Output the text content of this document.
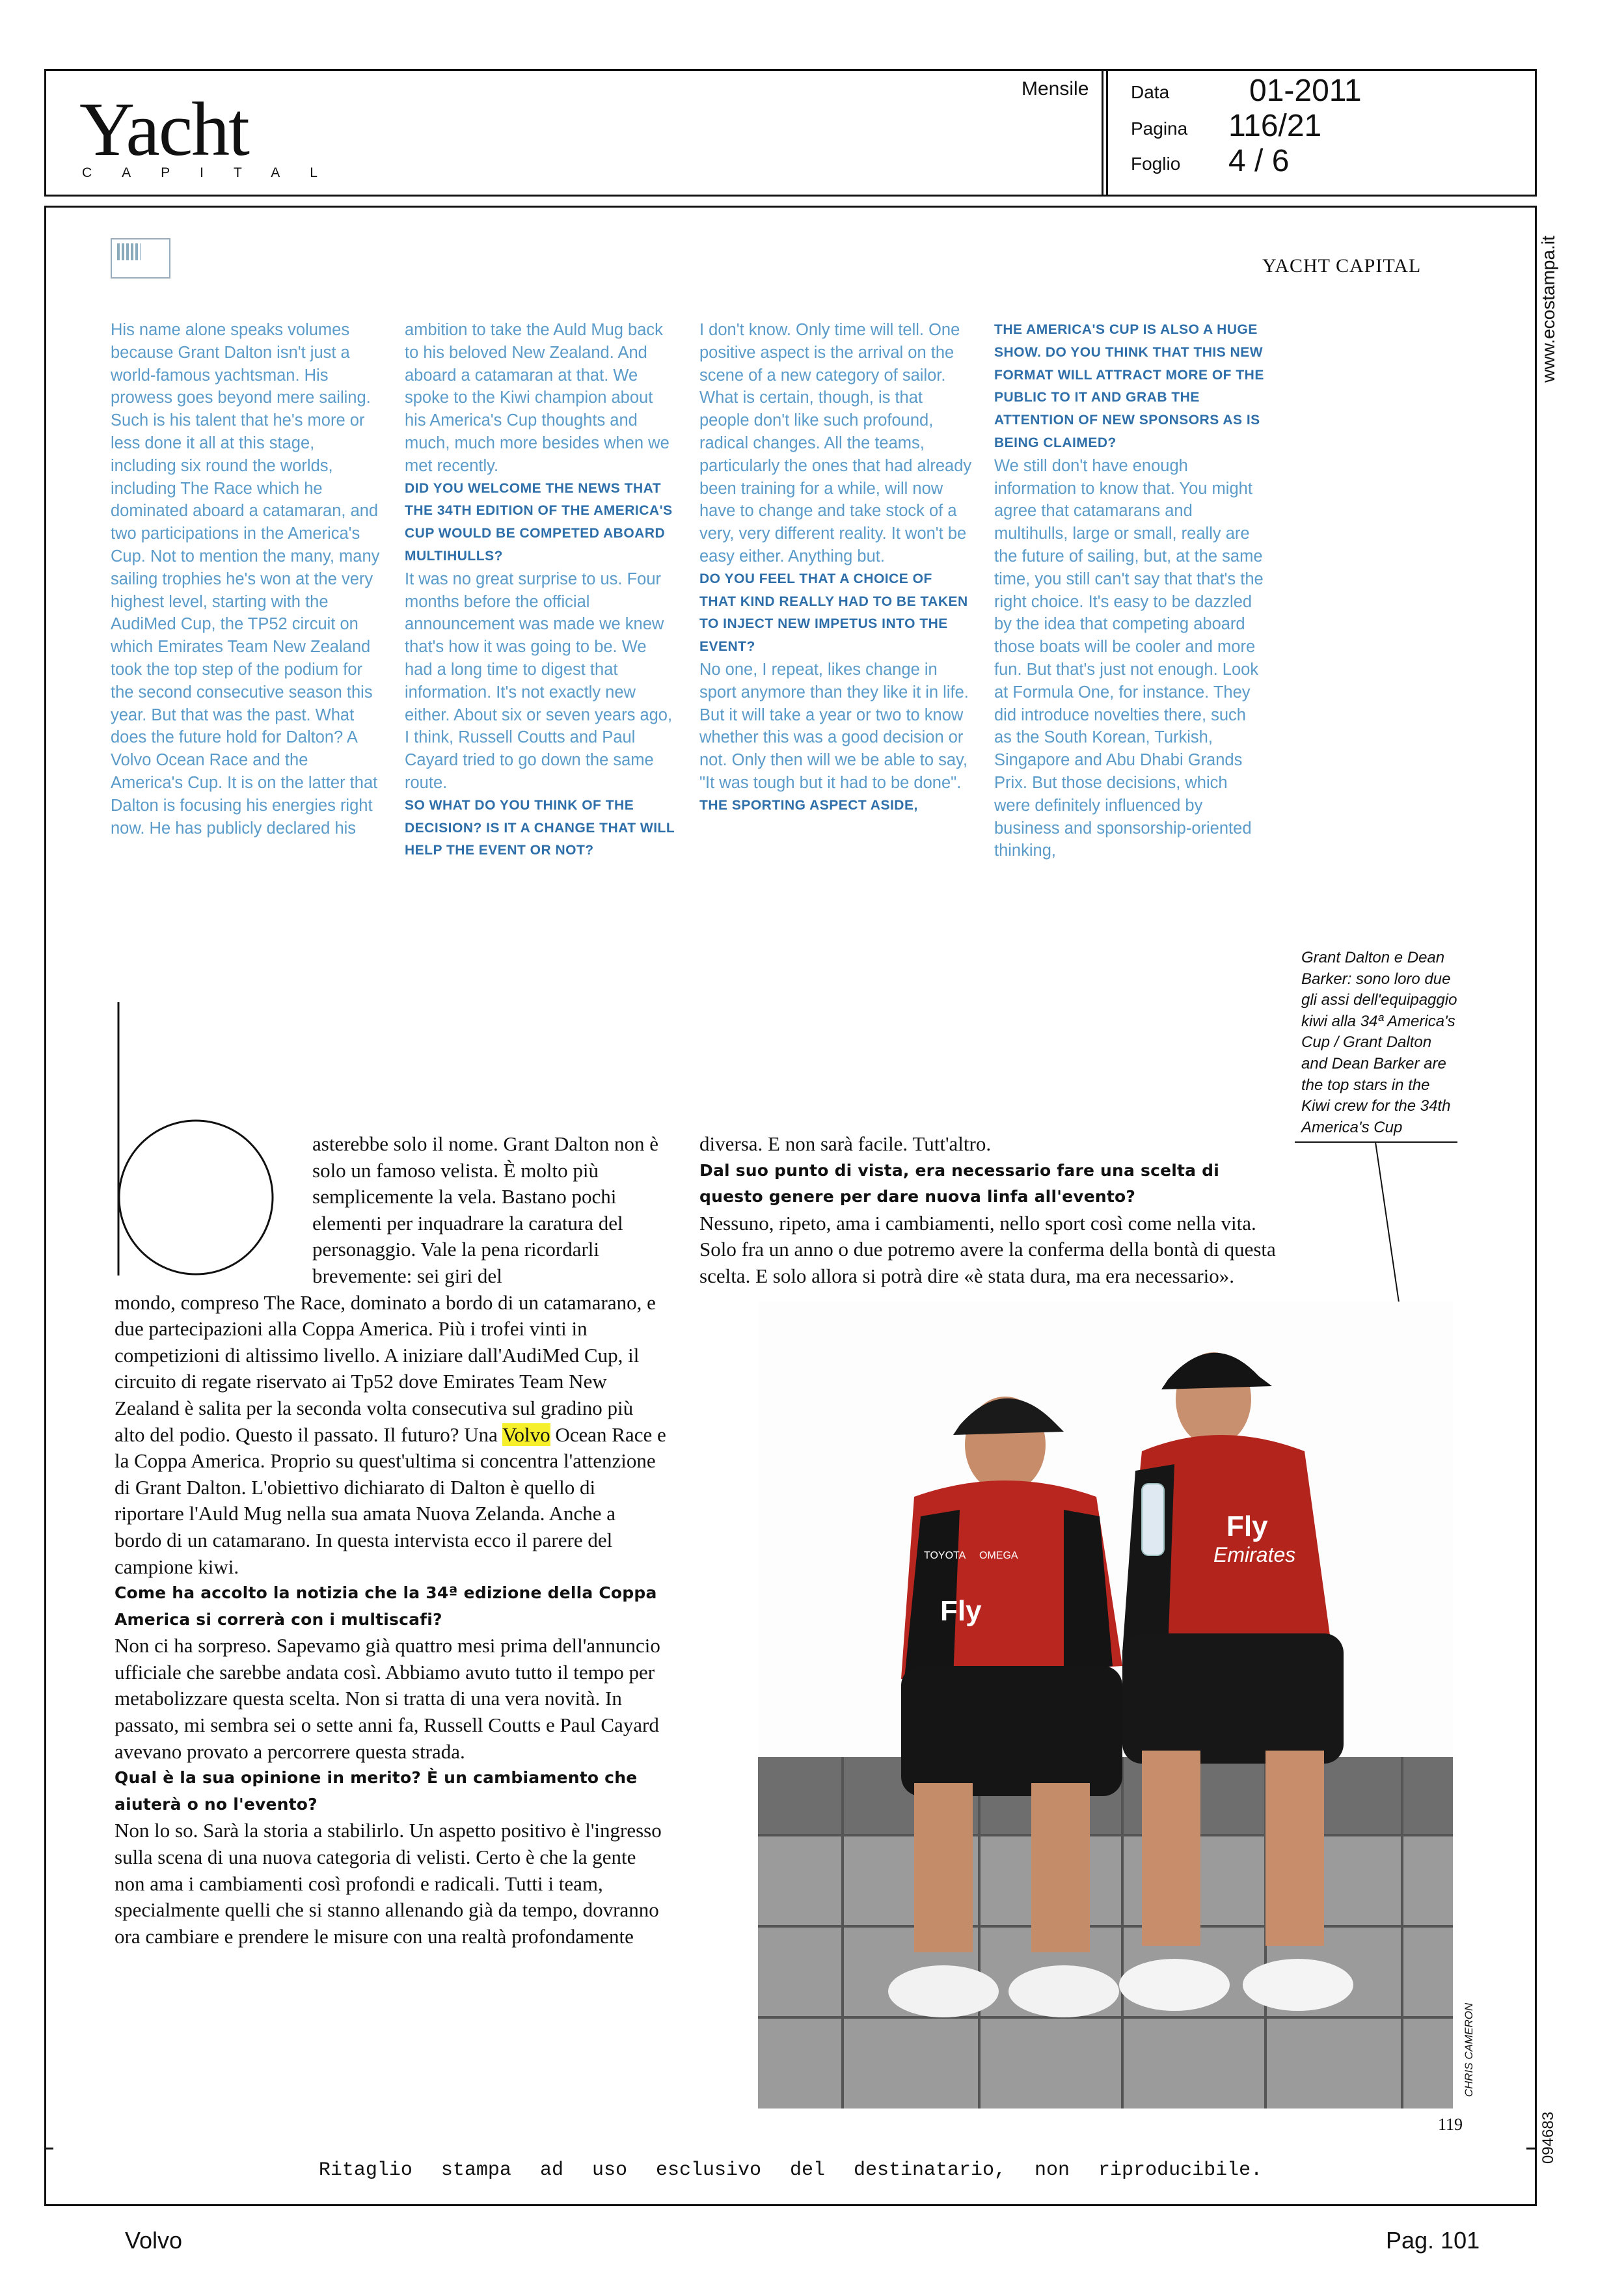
Yacht
CAPITAL
Mensile Data	01-2011
Pagina 116/21
Foglio 4 / 6
www.ecostampa.it
094683
YACHT CAPITAL

His name alone speaks volumes because Grant Dalton isn't just a world-famous yachtsman. His prowess goes beyond mere sailing. Such is his talent that he's more or less done it all at this stage, including six round the worlds, including The Race which he dominated aboard a catamaran, and two participations in the America's Cup. Not to mention the many, many sailing trophies he's won at the very highest level, starting with the AudiMed Cup, the TP52 circuit on which Emirates Team New Zealand took the top step of the podium for the second consecutive season this year. But that was the past. What does the future hold for Dalton? A Volvo Ocean Race and the America's Cup. It is on the latter that Dalton is focusing his energies right now. He has publicly declared his

ambition to take the Auld Mug back to his beloved New Zealand. And aboard a catamaran at that. We spoke to the Kiwi champion about his America's Cup thoughts and much, much more besides when we met recently.

DID YOU WELCOME THE NEWS THAT THE 34TH EDITION OF THE AMERICA'S CUP WOULD BE COMPETED ABOARD MULTIHULLS?

It was no great surprise to us. Four months before the official announcement was made we knew that's how it was going to be. We had a long time to digest that information. It's not exactly new either. About six or seven years ago, I think, Russell Coutts and Paul Cayard tried to go down the same route.

SO WHAT DO YOU THINK OF THE DECISION? IS IT A CHANGE THAT WILL HELP THE EVENT OR NOT?

I don't know. Only time will tell. One positive aspect is the arrival on the scene of a new category of sailor. What is certain, though, is that people don't like such profound, radical changes. All the teams, particularly the ones that had already been training for a while, will now have to change and take stock of a very, very different reality. It won't be easy either. Anything but.

DO YOU FEEL THAT A CHOICE OF THAT KIND REALLY HAD TO BE TAKEN TO INJECT NEW IMPETUS INTO THE EVENT?

No one, I repeat, likes change in sport anymore than they like it in life. But it will take a year or two to know whether this was a good decision or not. Only then will we be able to say, "It was tough but it had to be done".

THE SPORTING ASPECT ASIDE,

THE AMERICA'S CUP IS ALSO A HUGE SHOW. DO YOU THINK THAT THIS NEW FORMAT WILL ATTRACT MORE OF THE PUBLIC TO IT AND GRAB THE ATTENTION OF NEW SPONSORS AS IS BEING CLAIMED?

We still don't have enough information to know that. You might agree that catamarans and multihulls, large or small, really are the future of sailing, but, at the same time, you still can't say that that's the right choice. It's easy to be dazzled by the idea that competing aboard those boats will be cooler and more fun. But that's just not enough. Look at Formula One, for instance. They did introduce novelties there, such as the South Korean, Turkish, Singapore and Abu Dhabi Grands Prix. But those decisions, which were definitely influenced by business and sponsorship-oriented thinking,

asterebbe solo il nome. Grant Dalton non è solo un famoso velista. È molto più semplicemente la vela. Bastano pochi elementi per inquadrare la caratura del personaggio. Vale la pena ricordarli brevemente: sei giri del

mondo, compreso The Race, dominato a bordo di un catamarano, e due partecipazioni alla Coppa America. Più i trofei vinti in competizioni di altissimo livello. A iniziare dall'AudiMed Cup, il circuito di regate riservato ai Tp52 dove Emirates Team New Zealand è salita per la seconda volta consecutiva sul gradino più alto del podio. Questo il passato. Il futuro? Una Volvo Ocean Race e la Coppa America. Proprio su quest'ultima si concentra l'attenzione di Grant Dalton. L'obiettivo dichiarato di Dalton è quello di riportare l'Auld Mug nella sua amata Nuova Zelanda. Anche a bordo di un catamarano. In questa intervista ecco il parere del campione kiwi.

Come ha accolto la notizia che la 34ª edizione della Coppa America si correrà con i multiscafi?

Non ci ha sorpreso. Sapevamo già quattro mesi prima dell'annuncio ufficiale che sarebbe andata così. Abbiamo avuto tutto il tempo per metabolizzare questa scelta. Non si tratta di una vera novità. In passato, mi sembra sei o sette anni fa, Russell Coutts e Paul Cayard avevano provato a percorrere questa strada.

Qual è la sua opinione in merito? È un cambiamento che aiuterà o no l'evento?

Non lo so. Sarà la storia a stabilirlo. Un aspetto positivo è l'ingresso sulla scena di una nuova categoria di velisti. Certo è che la gente non ama i cambiamenti così profondi e radicali. Tutti i team, specialmente quelli che si stanno allenando già da tempo, dovranno ora cambiare e prendere le misure con una realtà profondamente

diversa. E non sarà facile. Tutt'altro.

Dal suo punto di vista, era necessario fare una scelta di questo genere per dare nuova linfa all'evento?

Nessuno, ripeto, ama i cambiamenti, nello sport così come nella vita. Solo fra un anno o due potremo avere la conferma della bontà di questa scelta. E solo allora si potrà dire «è stata dura, ma era necessario».

Grant Dalton e Dean Barker: sono loro due gli assi dell'equipaggio kiwi alla 34ª America's Cup / Grant Dalton and Dean Barker are the top stars in the Kiwi crew for the 34th America's Cup
Fly
TOYOTA OMEGA
Fly
Emirates
CHRIS CAMERON
119
Ritaglio stampa ad uso esclusivo del destinatario, non riproducibile.
Volvo	Pag. 101
